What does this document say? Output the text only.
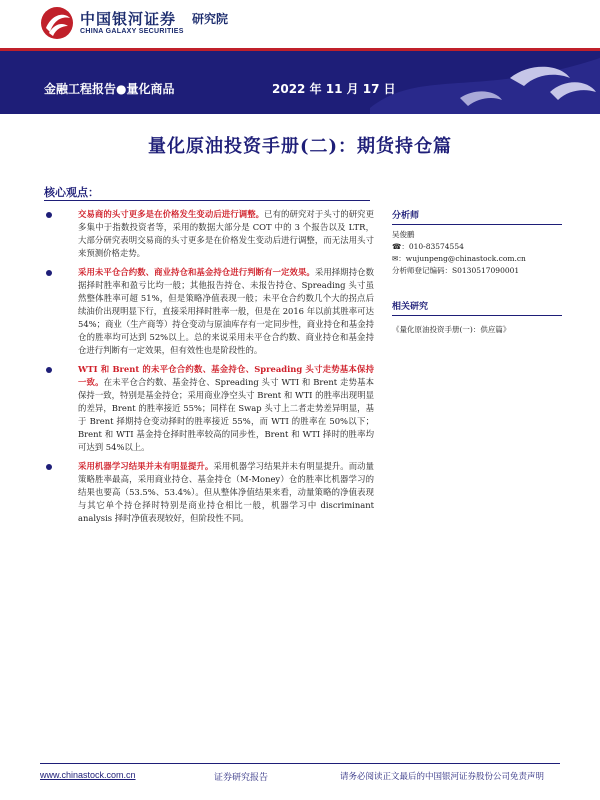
中国银河证券
CHINA GALAXY SECURITIES
研究院
金融工程报告●量化商品	2022 年 11 月 17 日
量化原油投资手册(二)：期货持仓篇
核心观点：
交易商的头寸更多是在价格发生变动后进行调整。已有的研究对于头寸的研究更多集中于指数投资者等，采用的数据大部分是 COT 中的 3 个报告以及 LTR，大部分研究表明交易商的头寸更多是在价格发生变动后进行调整，而无法用头寸来预测价格走势。
采用未平仓合约数、商业持仓和基金持仓进行判断有一定效果。采用择期持仓数据择时胜率和盈亏比均一般；其他报告持仓、未报告持仓、Spreading 头寸虽然整体胜率可超 51%，但是策略净值表现一般；未平仓合约数几个大的拐点后续油价出现明显下行，直接采用择时胜率一般，但是在 2016 年以前其胜率可达 54%；商业（生产商等）持仓变动与原油库存有一定同步性，商业持仓和基金持仓的胜率均可达到 52%以上。总的来说采用未平仓合约数、商业持仓和基金持仓进行判断有一定效果，但有效性也是阶段性的。
WTI 和 Brent 的未平仓合约数、基金持仓、Spreading 头寸走势基本保持一致。在未平仓合约数、基金持仓、Spreading 头寸 WTI 和 Brent 走势基本保持一致，特别是基金持仓；采用商业净空头寸 Brent 和 WTI 的胜率出现明显的差异，Brent 的胜率接近 55%；同样在 Swap 头寸上二者走势差异明显，基于 Brent 择期持仓变动择时的胜率接近 55%，而 WTI 的胜率在 50%以下；Brent 和 WTI 基金持仓择时胜率较高的同步性，Brent 和 WTI 择时的胜率均可达到 54%以上。
采用机器学习结果并未有明显提升。采用机器学习结果并未有明显提升。而动量策略胜率最高，采用商业持仓、基金持仓（M-Money）仓的胜率比机器学习的结果也要高（53.5%、53.4%）。但从整体净值结果来看，动量策略的净值表现与其它单个持仓择时特别是商业持仓相比一般，机器学习中 discriminant analysis 择时净值表现较好，但阶段性不同。
分析师
吴俊鹏
☎：010-83574554
✉：wujunpeng@chinastock.com.cn
分析师登记编码：S0130517090001
相关研究
《量化原油投资手册(一)：供应篇》
www.chinastock.com.cn	证券研究报告	请务必阅读正文最后的中国银河证券股份公司免责声明
